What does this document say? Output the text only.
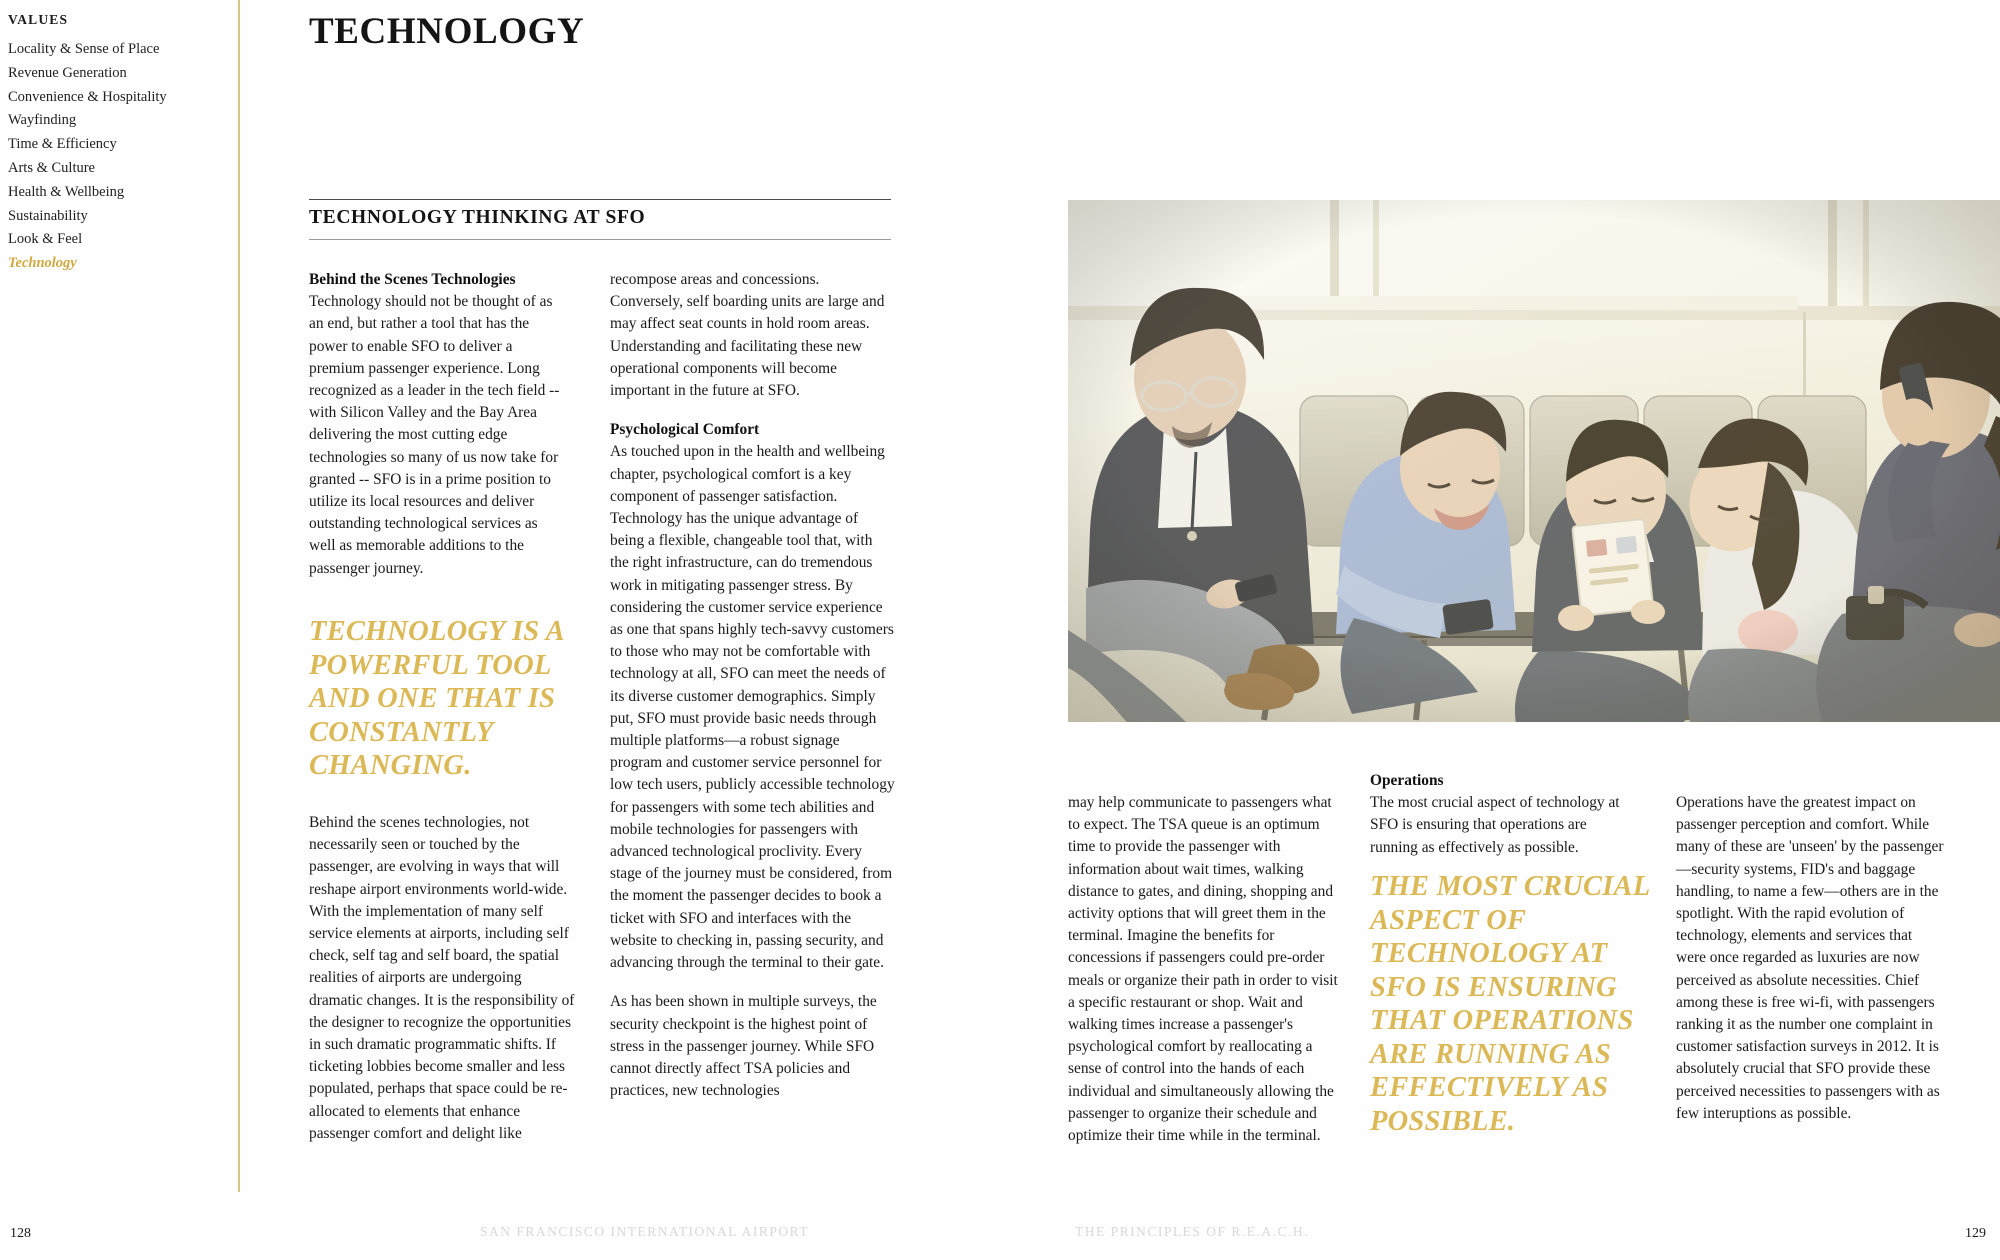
VALUES
Locality & Sense of Place
Revenue Generation
Convenience & Hospitality
Wayfinding
Time & Efficiency
Arts & Culture
Health & Wellbeing
Sustainability
Look & Feel
Technology
TECHNOLOGY
TECHNOLOGY THINKING AT SFO

Behind the Scenes Technologies

Technology should not be thought of as an end, but rather a tool that has the power to enable SFO to deliver a premium passenger experience. Long recognized as a leader in the tech field -- with Silicon Valley and the Bay Area delivering the most cutting edge technologies so many of us now take for granted -- SFO is in a prime position to utilize its local resources and deliver outstanding technological services as well as memorable additions to the passenger journey.

TECHNOLOGY IS A POWERFUL TOOL AND ONE THAT IS CONSTANTLY CHANGING.
Behind the scenes technologies, not necessarily seen or touched by the passenger, are evolving in ways that will reshape airport environments world-wide. With the implementation of many self service elements at airports, including self check, self tag and self board, the spatial realities of airports are undergoing dramatic changes. It is the responsibility of the designer to recognize the opportunities in such dramatic programmatic shifts. If ticketing lobbies become smaller and less populated, perhaps that space could be re-allocated to elements that enhance passenger comfort and delight like

recompose areas and concessions. Conversely, self boarding units are large and may affect seat counts in hold room areas. Understanding and facilitating these new operational components will become important in the future at SFO.

Psychological Comfort

As touched upon in the health and wellbeing chapter, psychological comfort is a key component of passenger satisfaction. Technology has the unique advantage of being a flexible, changeable tool that, with the right infrastructure, can do tremendous work in mitigating passenger stress. By considering the customer service experience as one that spans highly tech-savvy customers to those who may not be comfortable with technology at all, SFO can meet the needs of its diverse customer demographics. Simply put, SFO must provide basic needs through multiple platforms—a robust signage program and customer service personnel for low tech users, publicly accessible technology for passengers with some tech abilities and mobile technologies for passengers with advanced technological proclivity. Every stage of the journey must be considered, from the moment the passenger decides to book a ticket with SFO and interfaces with the website to checking in, passing security, and advancing through the terminal to their gate.

As has been shown in multiple surveys, the security checkpoint is the highest point of stress in the passenger journey. While SFO cannot directly affect TSA policies and practices, new technologies

may help communicate to passengers what to expect. The TSA queue is an optimum time to provide the passenger with information about wait times, walking distance to gates, and dining, shopping and activity options that will greet them in the terminal. Imagine the benefits for concessions if passengers could pre-order meals or organize their path in order to visit a specific restaurant or shop. Wait and walking times increase a passenger's psychological comfort by reallocating a sense of control into the hands of each individual and simultaneously allowing the passenger to organize their schedule and optimize their time while in the terminal.

Operations

The most crucial aspect of technology at SFO is ensuring that operations are running as effectively as possible.

THE MOST CRUCIAL ASPECT OF TECHNOLOGY AT SFO IS ENSURING THAT OPERATIONS ARE RUNNING AS EFFECTIVELY AS POSSIBLE.

Operations have the greatest impact on passenger perception and comfort. While many of these are 'unseen' by the passenger—security systems, FID's and baggage handling, to name a few—others are in the spotlight. With the rapid evolution of technology, elements and services that were once regarded as luxuries are now perceived as absolute necessities. Chief among these is free wi-fi, with passengers ranking it as the number one complaint in customer satisfaction surveys in 2012. It is absolutely crucial that SFO provide these perceived necessities to passengers with as few interuptions as possible.

128	SAN FRANCISCO INTERNATIONAL AIRPORT	THE PRINCIPLES OF R.E.A.C.H.	129
